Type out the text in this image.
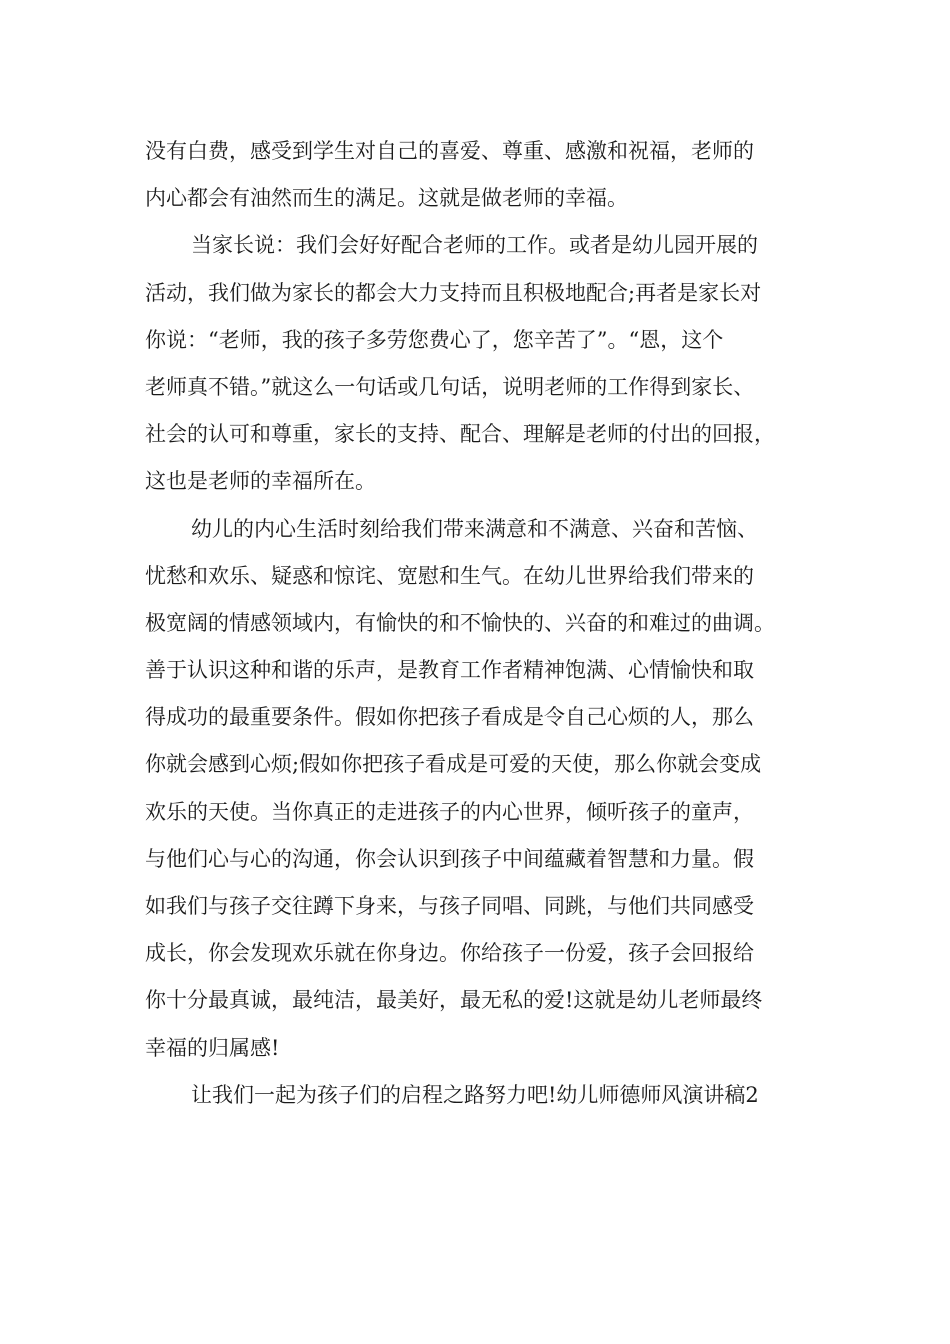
没有白费，感受到学生对自己的喜爱、尊重、感激和祝福，老师的
内心都会有油然而生的满足。这就是做老师的幸福。
当家长说：我们会好好配合老师的工作。或者是幼儿园开展的
活动，我们做为家长的都会大力支持而且积极地配合;再者是家长对
你说：“老师，我的孩子多劳您费心了，您辛苦了”。“恩，这个
老师真不错。”就这么一句话或几句话，说明老师的工作得到家长、
社会的认可和尊重，家长的支持、配合、理解是老师的付出的回报，
这也是老师的幸福所在。
幼儿的内心生活时刻给我们带来满意和不满意、兴奋和苦恼、
忧愁和欢乐、疑惑和惊诧、宽慰和生气。在幼儿世界给我们带来的
极宽阔的情感领域内，有愉快的和不愉快的、兴奋的和难过的曲调。
善于认识这种和谐的乐声，是教育工作者精神饱满、心情愉快和取
得成功的最重要条件。假如你把孩子看成是令自己心烦的人，那么
你就会感到心烦;假如你把孩子看成是可爱的天使，那么你就会变成
欢乐的天使。当你真正的走进孩子的内心世界，倾听孩子的童声，
与他们心与心的沟通，你会认识到孩子中间蕴藏着智慧和力量。假
如我们与孩子交往蹲下身来，与孩子同唱、同跳，与他们共同感受
成长，你会发现欢乐就在你身边。你给孩子一份爱，孩子会回报给
你十分最真诚，最纯洁，最美好，最无私的爱!这就是幼儿老师最终
幸福的归属感!
让我们一起为孩子们的启程之路努力吧!幼儿师德师风演讲稿2
